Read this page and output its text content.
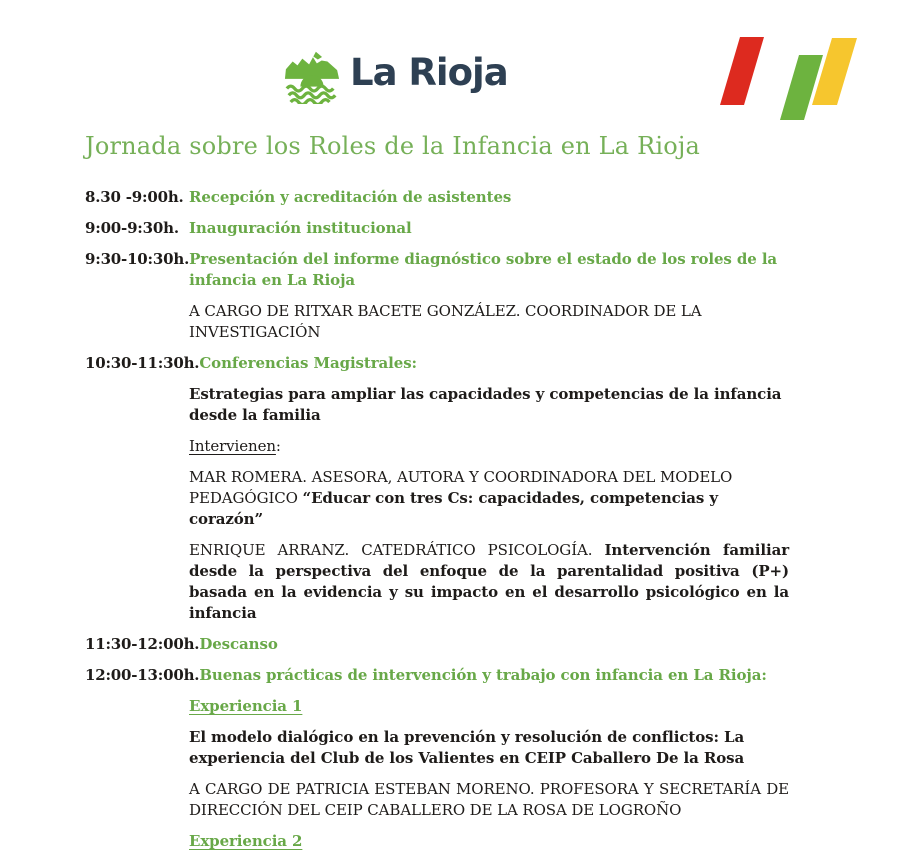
La Rioja
Jornada sobre los Roles de la Infancia en La Rioja
8.30 -9:00h. Recepción y acreditación de asistentes
9:00-9:30h. Inauguración institucional
9:30-10:30h. Presentación del informe diagnóstico sobre el estado de los roles de la infancia en La Rioja
A CARGO DE RITXAR BACETE GONZÁLEZ. COORDINADOR DE LA INVESTIGACIÓN
10:30-11:30h. Conferencias Magistrales:
Estrategias para ampliar las capacidades y competencias de la infancia desde la familia
Intervienen:
MAR ROMERA. ASESORA, AUTORA Y COORDINADORA DEL MODELO PEDAGÓGICO “Educar con tres Cs: capacidades, competencias y corazón”
ENRIQUE ARRANZ. CATEDRÁTICO PSICOLOGÍA. Intervención familiar desde la perspectiva del enfoque de la parentalidad positiva (P+) basada en la evidencia y su impacto en el desarrollo psicológico en la infancia
11:30-12:00h. Descanso
12:00-13:00h. Buenas prácticas de intervención y trabajo con infancia en La Rioja:
Experiencia 1
El modelo dialógico en la prevención y resolución de conflictos: La experiencia del Club de los Valientes en CEIP Caballero De la Rosa
A CARGO DE PATRICIA ESTEBAN MORENO. PROFESORA Y SECRETARÍA DE DIRECCIÓN DEL CEIP CABALLERO DE LA ROSA DE LOGROÑO
Experiencia 2
